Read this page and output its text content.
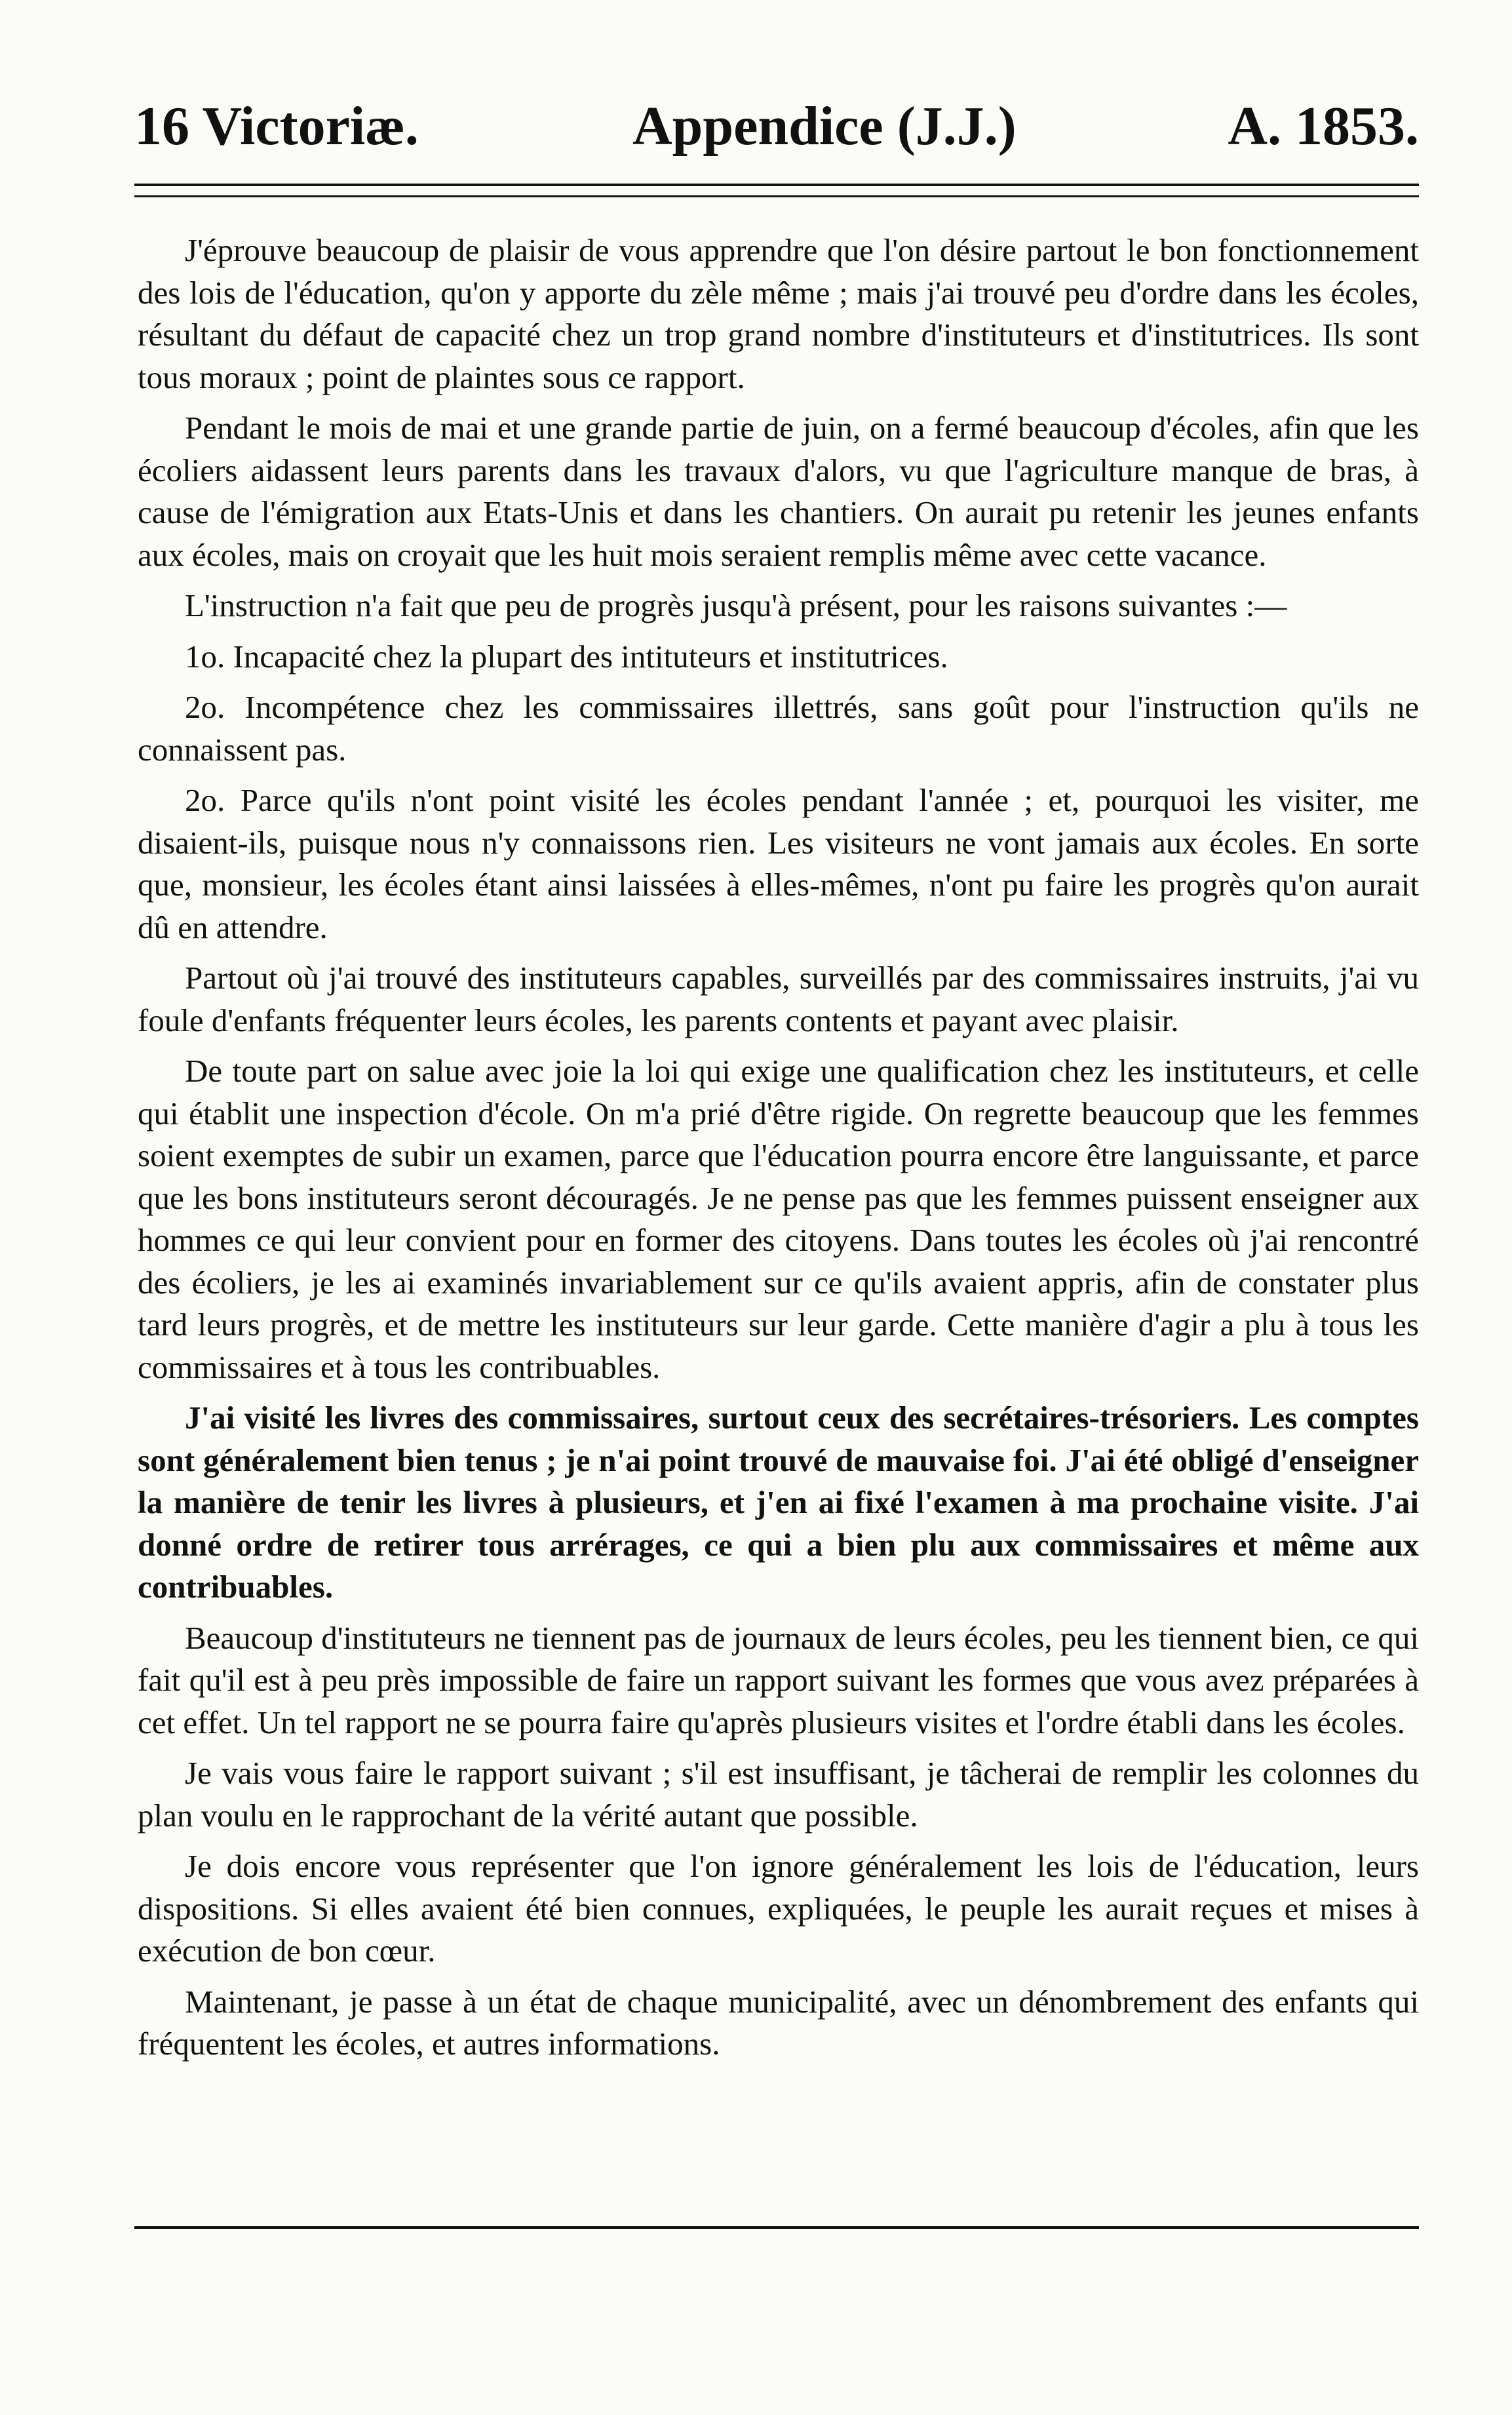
16 Victoriæ.	Appendice (J.J.)	A. 1853.

J'éprouve beaucoup de plaisir de vous apprendre que l'on désire partout le bon fonctionnement des lois de l'éducation, qu'on y apporte du zèle même ; mais j'ai trouvé peu d'ordre dans les écoles, résultant du défaut de capacité chez un trop grand nombre d'instituteurs et d'institutrices. Ils sont tous moraux ; point de plaintes sous ce rapport.

Pendant le mois de mai et une grande partie de juin, on a fermé beaucoup d'écoles, afin que les écoliers aidassent leurs parents dans les travaux d'alors, vu que l'agriculture manque de bras, à cause de l'émigration aux Etats-Unis et dans les chantiers. On aurait pu retenir les jeunes enfants aux écoles, mais on croyait que les huit mois seraient remplis même avec cette vacance.

L'instruction n'a fait que peu de progrès jusqu'à présent, pour les raisons suivantes :—

1o. Incapacité chez la plupart des intituteurs et institutrices.

2o. Incompétence chez les commissaires illettrés, sans goût pour l'instruction qu'ils ne connaissent pas.

2o. Parce qu'ils n'ont point visité les écoles pendant l'année ; et, pourquoi les visiter, me disaient-ils, puisque nous n'y connaissons rien. Les visiteurs ne vont jamais aux écoles. En sorte que, monsieur, les écoles étant ainsi laissées à elles-mêmes, n'ont pu faire les progrès qu'on aurait dû en attendre.

Partout où j'ai trouvé des instituteurs capables, surveillés par des commissaires instruits, j'ai vu foule d'enfants fréquenter leurs écoles, les parents contents et payant avec plaisir.

De toute part on salue avec joie la loi qui exige une qualification chez les instituteurs, et celle qui établit une inspection d'école. On m'a prié d'être rigide. On regrette beaucoup que les femmes soient exemptes de subir un examen, parce que l'éducation pourra encore être languissante, et parce que les bons instituteurs seront découragés. Je ne pense pas que les femmes puissent enseigner aux hommes ce qui leur convient pour en former des citoyens. Dans toutes les écoles où j'ai rencontré des écoliers, je les ai examinés invariablement sur ce qu'ils avaient appris, afin de constater plus tard leurs progrès, et de mettre les instituteurs sur leur garde. Cette manière d'agir a plu à tous les commissaires et à tous les contribuables.

J'ai visité les livres des commissaires, surtout ceux des secrétaires-trésoriers. Les comptes sont généralement bien tenus ; je n'ai point trouvé de mauvaise foi. J'ai été obligé d'enseigner la manière de tenir les livres à plusieurs, et j'en ai fixé l'examen à ma prochaine visite. J'ai donné ordre de retirer tous arrérages, ce qui a bien plu aux commissaires et même aux contribuables.

Beaucoup d'instituteurs ne tiennent pas de journaux de leurs écoles, peu les tiennent bien, ce qui fait qu'il est à peu près impossible de faire un rapport suivant les formes que vous avez préparées à cet effet. Un tel rapport ne se pourra faire qu'après plusieurs visites et l'ordre établi dans les écoles.

Je vais vous faire le rapport suivant ; s'il est insuffisant, je tâcherai de remplir les colonnes du plan voulu en le rapprochant de la vérité autant que possible.

Je dois encore vous représenter que l'on ignore généralement les lois de l'éducation, leurs dispositions. Si elles avaient été bien connues, expliquées, le peuple les aurait reçues et mises à exécution de bon cœur.

Maintenant, je passe à un état de chaque municipalité, avec un dénombrement des enfants qui fréquentent les écoles, et autres informations.
